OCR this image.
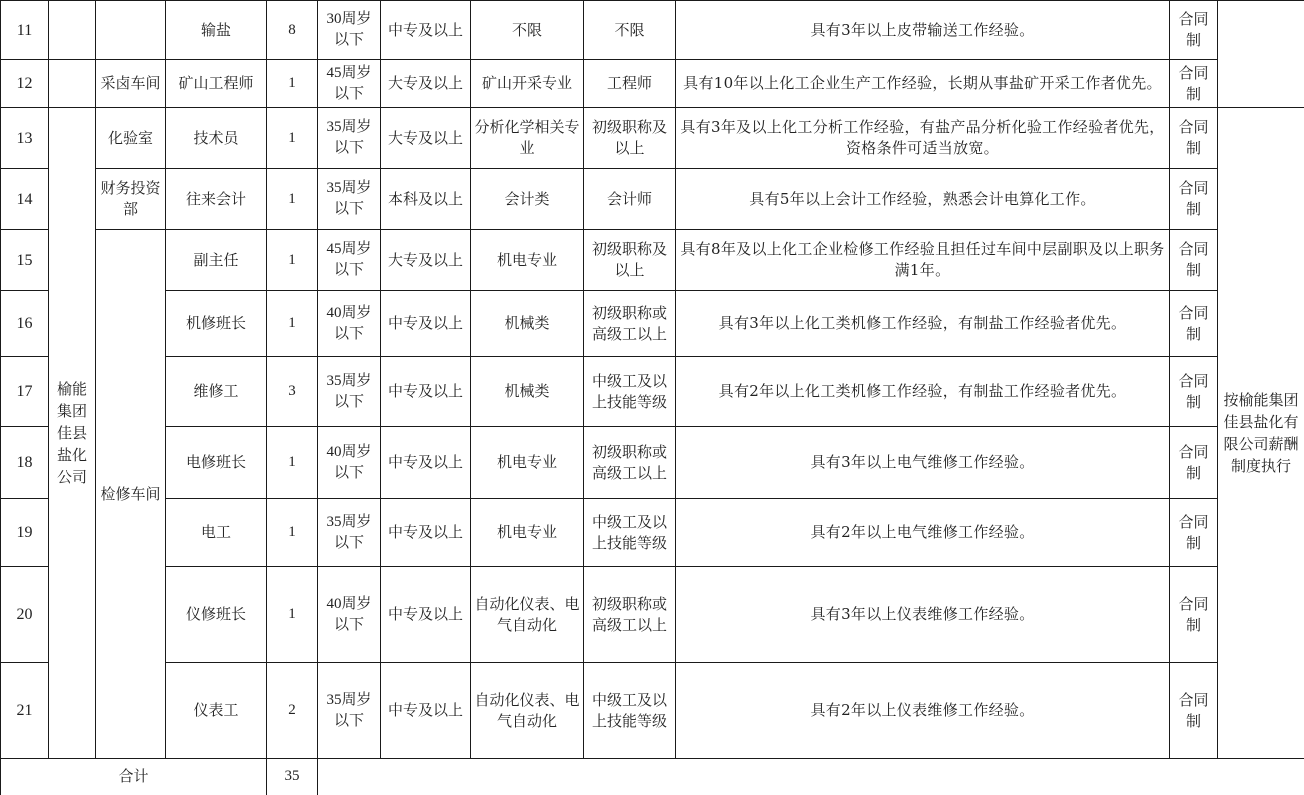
11			输盐	8	30周岁以下	中专及以上	不限	不限	具有3年以上皮带输送工作经验。	合同制	
12		采卤车间	矿山工程师	1	45周岁以下	大专及以上	矿山开采专业	工程师	具有10年以上化工企业生产工作经验，长期从事盐矿开采工作者优先。	合同制	
13	榆能集团佳县盐化公司	化验室	技术员	1	35周岁以下	大专及以上	分析化学相关专业	初级职称及以上	具有3年及以上化工分析工作经验，有盐产品分析化验工作经验者优先，资格条件可适当放宽。	合同制	按榆能集团佳县盐化有限公司薪酬制度执行
14		财务投资部	往来会计	1	35周岁以下	本科及以上	会计类	会计师	具有5年以上会计工作经验，熟悉会计电算化工作。	合同制	
15		检修车间	副主任	1	45周岁以下	大专及以上	机电专业	初级职称及以上	具有8年及以上化工企业检修工作经验且担任过车间中层副职及以上职务满1年。	合同制	
16			机修班长	1	40周岁以下	中专及以上	机械类	初级职称或高级工以上	具有3年以上化工类机修工作经验，有制盐工作经验者优先。	合同制	
17			维修工	3	35周岁以下	中专及以上	机械类	中级工及以上技能等级	具有2年以上化工类机修工作经验，有制盐工作经验者优先。	合同制	
18			电修班长	1	40周岁以下	中专及以上	机电专业	初级职称或高级工以上	具有3年以上电气维修工作经验。	合同制	
19			电工	1	35周岁以下	中专及以上	机电专业	中级工及以上技能等级	具有2年以上电气维修工作经验。	合同制	
20			仪修班长	1	40周岁以下	中专及以上	自动化仪表、电气自动化	初级职称或高级工以上	具有3年以上仪表维修工作经验。	合同制	
21			仪表工	2	35周岁以下	中专及以上	自动化仪表、电气自动化	中级工及以上技能等级	具有2年以上仪表维修工作经验。	合同制	
合计				35							
